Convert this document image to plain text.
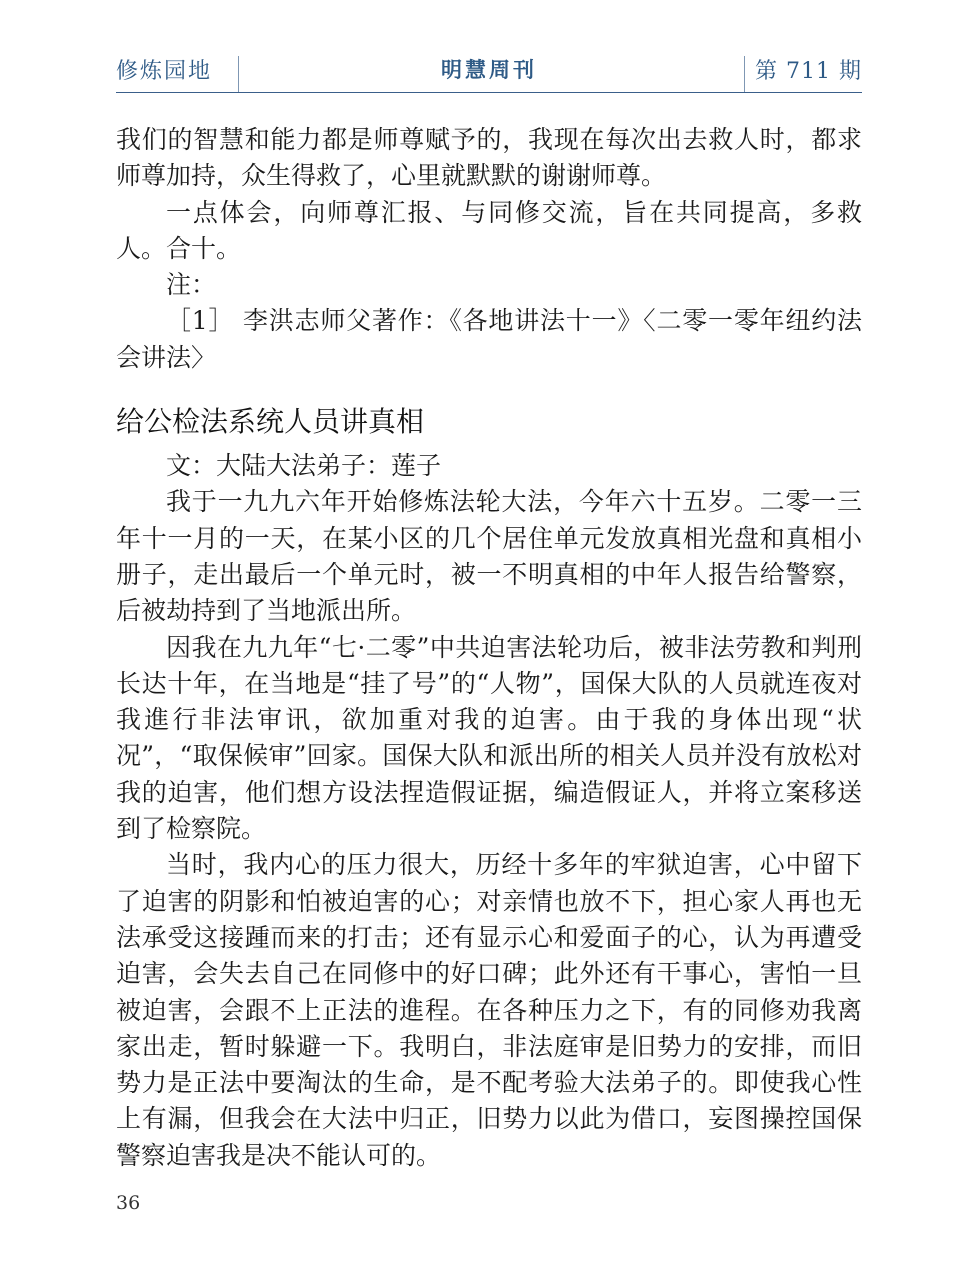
修炼园地	明慧周刊	第 711 期

我们的智慧和能力都是师尊赋予的，我现在每次出去救人时，都求师尊加持，众生得救了，心里就默默的谢谢师尊。

一点体会，向师尊汇报、与同修交流，旨在共同提高，多救人。合十。

注：

［1］ 李洪志师父著作：《各地讲法十一》〈二零一零年纽约法会讲法〉

给公检法系统人员讲真相

文：大陆大法弟子：莲子

我于一九九六年开始修炼法轮大法，今年六十五岁。二零一三年十一月的一天，在某小区的几个居住单元发放真相光盘和真相小册子，走出最后一个单元时，被一不明真相的中年人报告给警察，后被劫持到了当地派出所。

因我在九九年“七·二零”中共迫害法轮功后，被非法劳教和判刑长达十年，在当地是“挂了号”的“人物”，国保大队的人员就连夜对我進行非法审讯，欲加重对我的迫害。由于我的身体出现“状况”，“取保候审”回家。国保大队和派出所的相关人员并没有放松对我的迫害，他们想方设法捏造假证据，编造假证人，并将立案移送到了检察院。

当时，我内心的压力很大，历经十多年的牢狱迫害，心中留下了迫害的阴影和怕被迫害的心；对亲情也放不下，担心家人再也无法承受这接踵而来的打击；还有显示心和爱面子的心，认为再遭受迫害，会失去自己在同修中的好口碑；此外还有干事心，害怕一旦被迫害，会跟不上正法的進程。在各种压力之下，有的同修劝我离家出走，暂时躲避一下。我明白，非法庭审是旧势力的安排，而旧势力是正法中要淘汰的生命，是不配考验大法弟子的。即使我心性上有漏，但我会在大法中归正，旧势力以此为借口，妄图操控国保警察迫害我是决不能认可的。

36
